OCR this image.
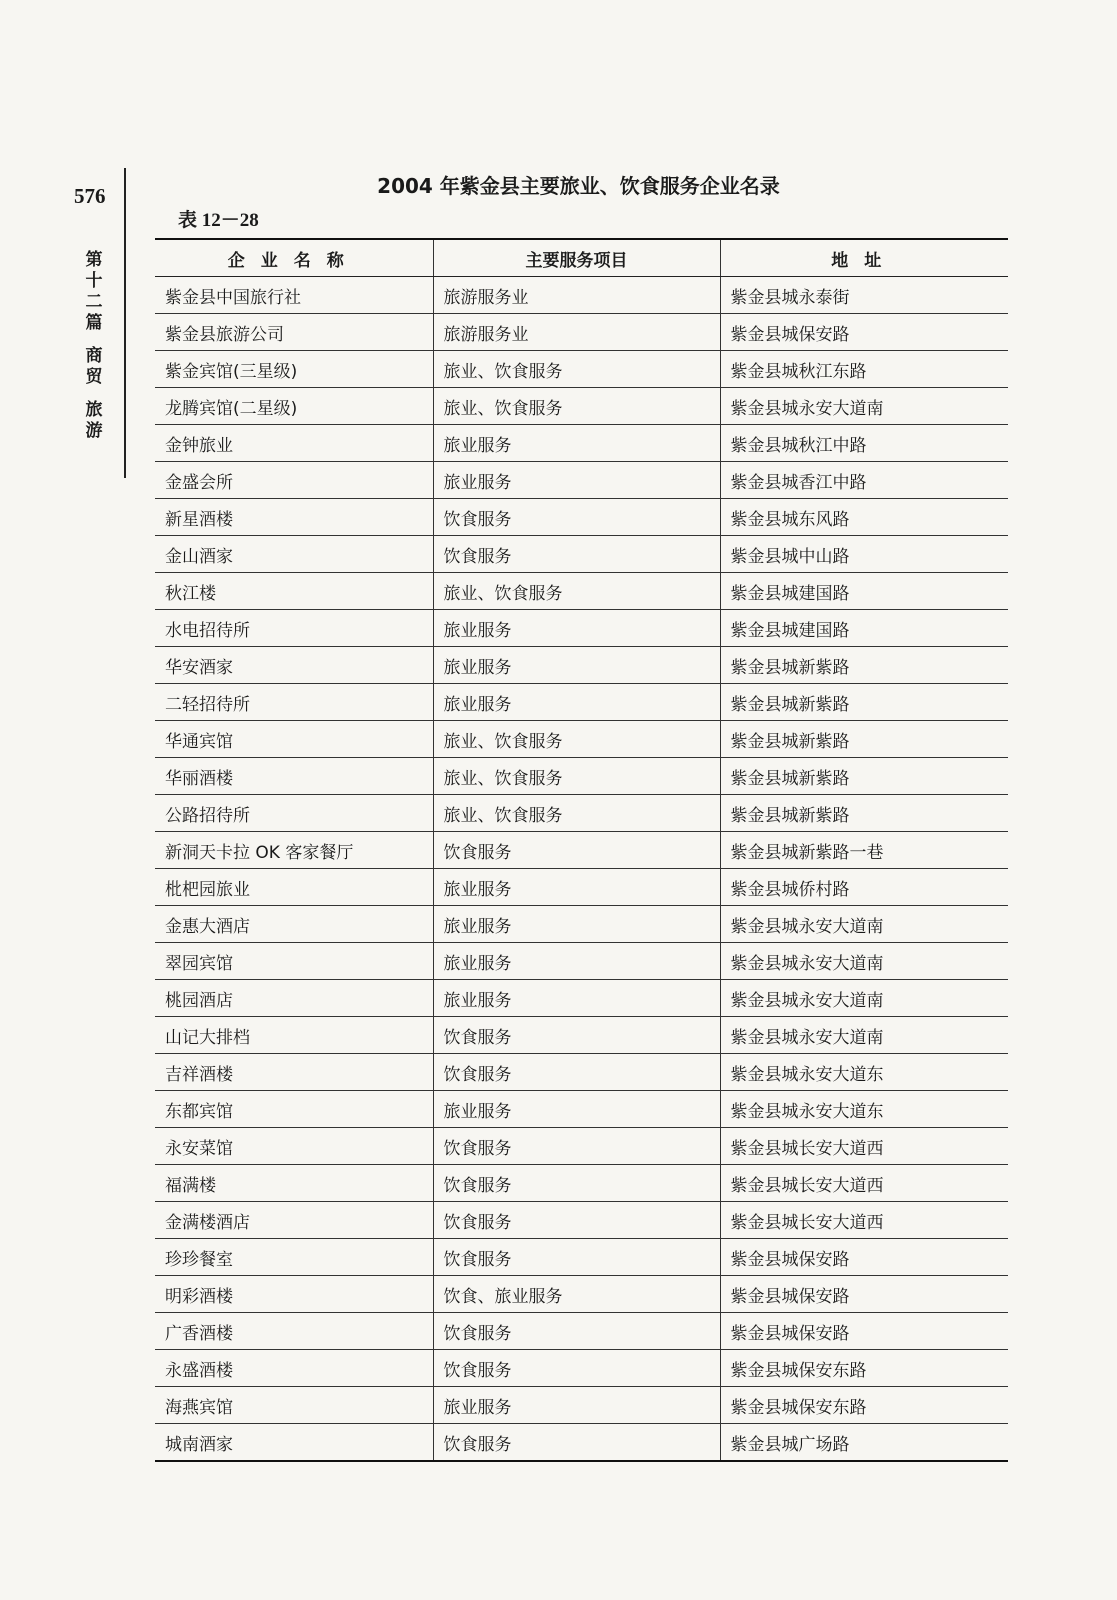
576
第
十
二
篇
商
贸
旅
游
2004 年紫金县主要旅业、饮食服务企业名录
表 12－28
企业名称	主要服务项目	地址
紫金县中国旅行社	旅游服务业	紫金县城永泰街
紫金县旅游公司	旅游服务业	紫金县城保安路
紫金宾馆(三星级)	旅业、饮食服务	紫金县城秋江东路
龙腾宾馆(二星级)	旅业、饮食服务	紫金县城永安大道南
金钟旅业	旅业服务	紫金县城秋江中路
金盛会所	旅业服务	紫金县城香江中路
新星酒楼	饮食服务	紫金县城东风路
金山酒家	饮食服务	紫金县城中山路
秋江楼	旅业、饮食服务	紫金县城建国路
水电招待所	旅业服务	紫金县城建国路
华安酒家	旅业服务	紫金县城新紫路
二轻招待所	旅业服务	紫金县城新紫路
华通宾馆	旅业、饮食服务	紫金县城新紫路
华丽酒楼	旅业、饮食服务	紫金县城新紫路
公路招待所	旅业、饮食服务	紫金县城新紫路
新洞天卡拉 OK 客家餐厅	饮食服务	紫金县城新紫路一巷
枇杷园旅业	旅业服务	紫金县城侨村路
金惠大酒店	旅业服务	紫金县城永安大道南
翠园宾馆	旅业服务	紫金县城永安大道南
桃园酒店	旅业服务	紫金县城永安大道南
山记大排档	饮食服务	紫金县城永安大道南
吉祥酒楼	饮食服务	紫金县城永安大道东
东都宾馆	旅业服务	紫金县城永安大道东
永安菜馆	饮食服务	紫金县城长安大道西
福满楼	饮食服务	紫金县城长安大道西
金满楼酒店	饮食服务	紫金县城长安大道西
珍珍餐室	饮食服务	紫金县城保安路
明彩酒楼	饮食、旅业服务	紫金县城保安路
广香酒楼	饮食服务	紫金县城保安路
永盛酒楼	饮食服务	紫金县城保安东路
海燕宾馆	旅业服务	紫金县城保安东路
城南酒家	饮食服务	紫金县城广场路
